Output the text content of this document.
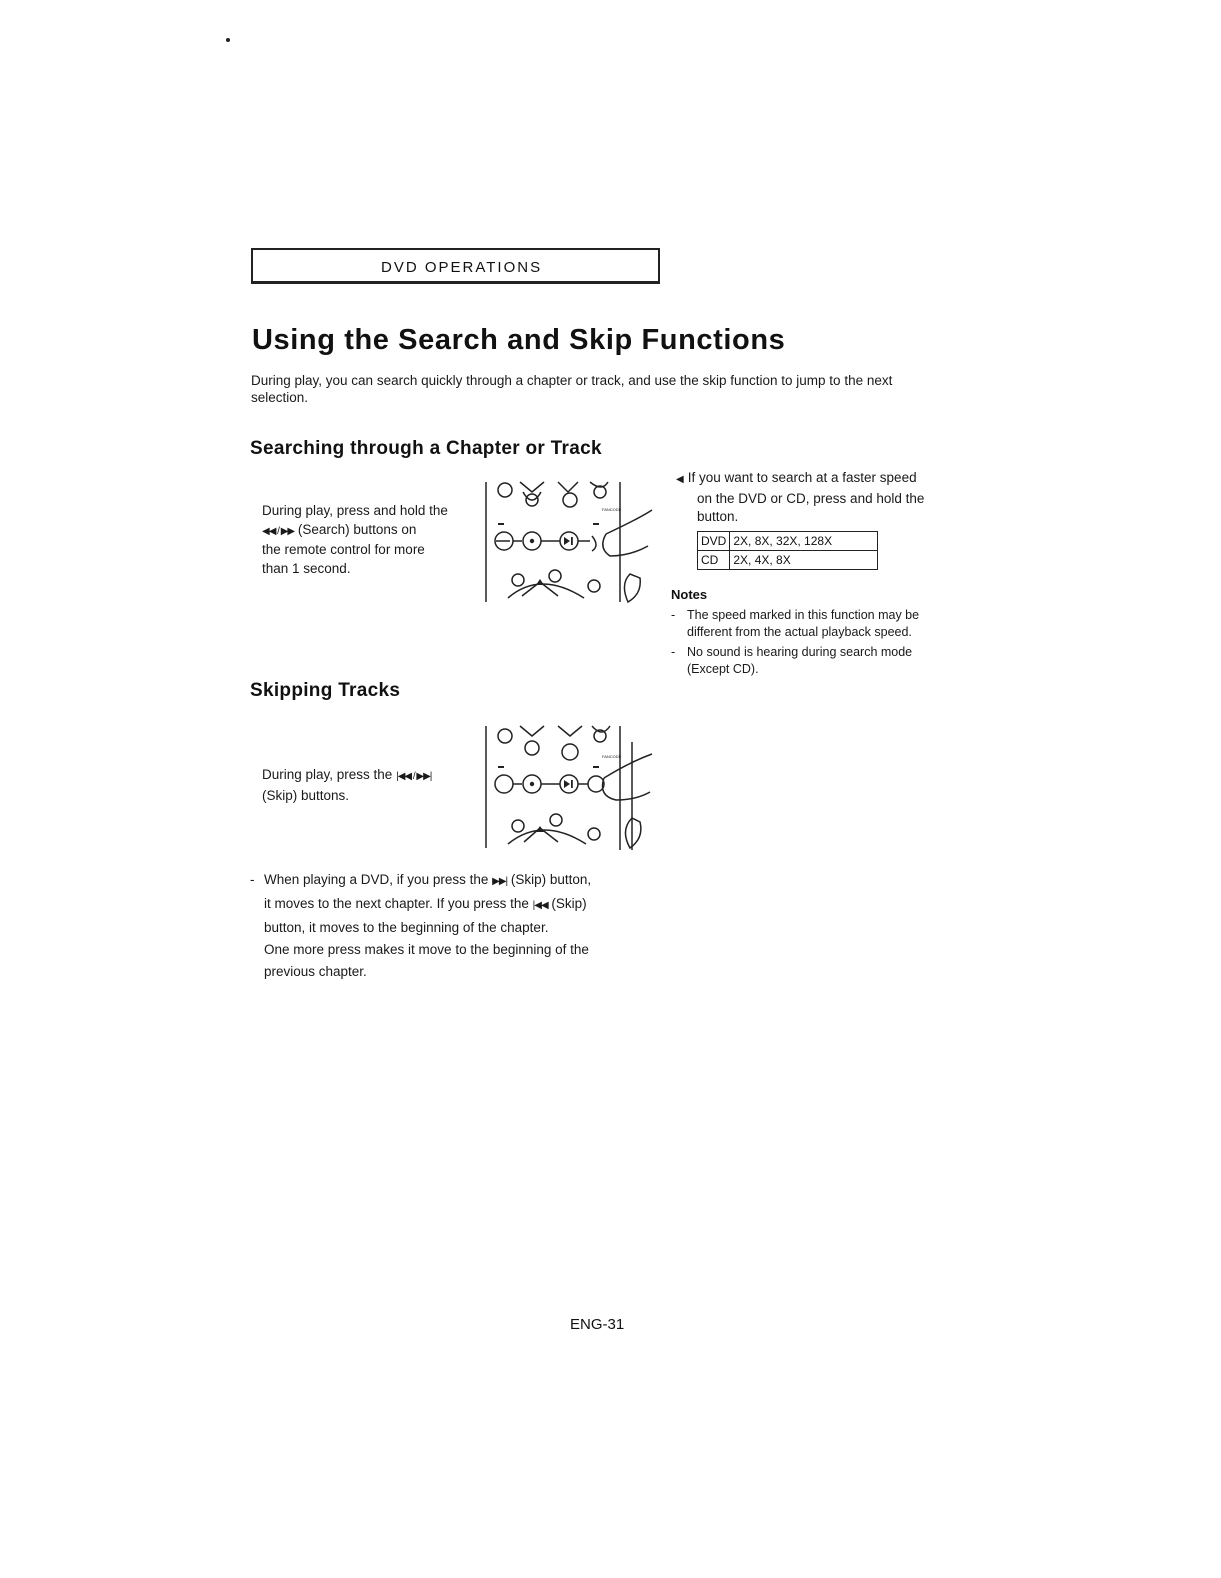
DVD OPERATIONS
Using the Search and Skip Functions
During play, you can search quickly through a chapter or track, and use the skip function to jump to the next selection.
Searching through a Chapter or Track
During play, press and hold the
◀◀ / ▶▶ (Search) buttons on
the remote control for more
than 1 second.
FANCODE
◀ If you want to search at a faster speed
on the DVD or CD, press and hold the
button.
DVD	2X, 8X, 32X, 128X
CD	2X, 4X, 8X
Notes
- The speed marked in this function may be
different from the actual playback speed.
- No sound is hearing during search mode
(Except CD).
Skipping Tracks
During play, press the |◀◀ / ▶▶|
(Skip) buttons.
FANCODE
- When playing a DVD, if you press the ▶▶| (Skip) button,
it moves to the next chapter. If you press the |◀◀ (Skip)
button, it moves to the beginning of the chapter.
One more press makes it move to the beginning of the
previous chapter.
ENG-31
